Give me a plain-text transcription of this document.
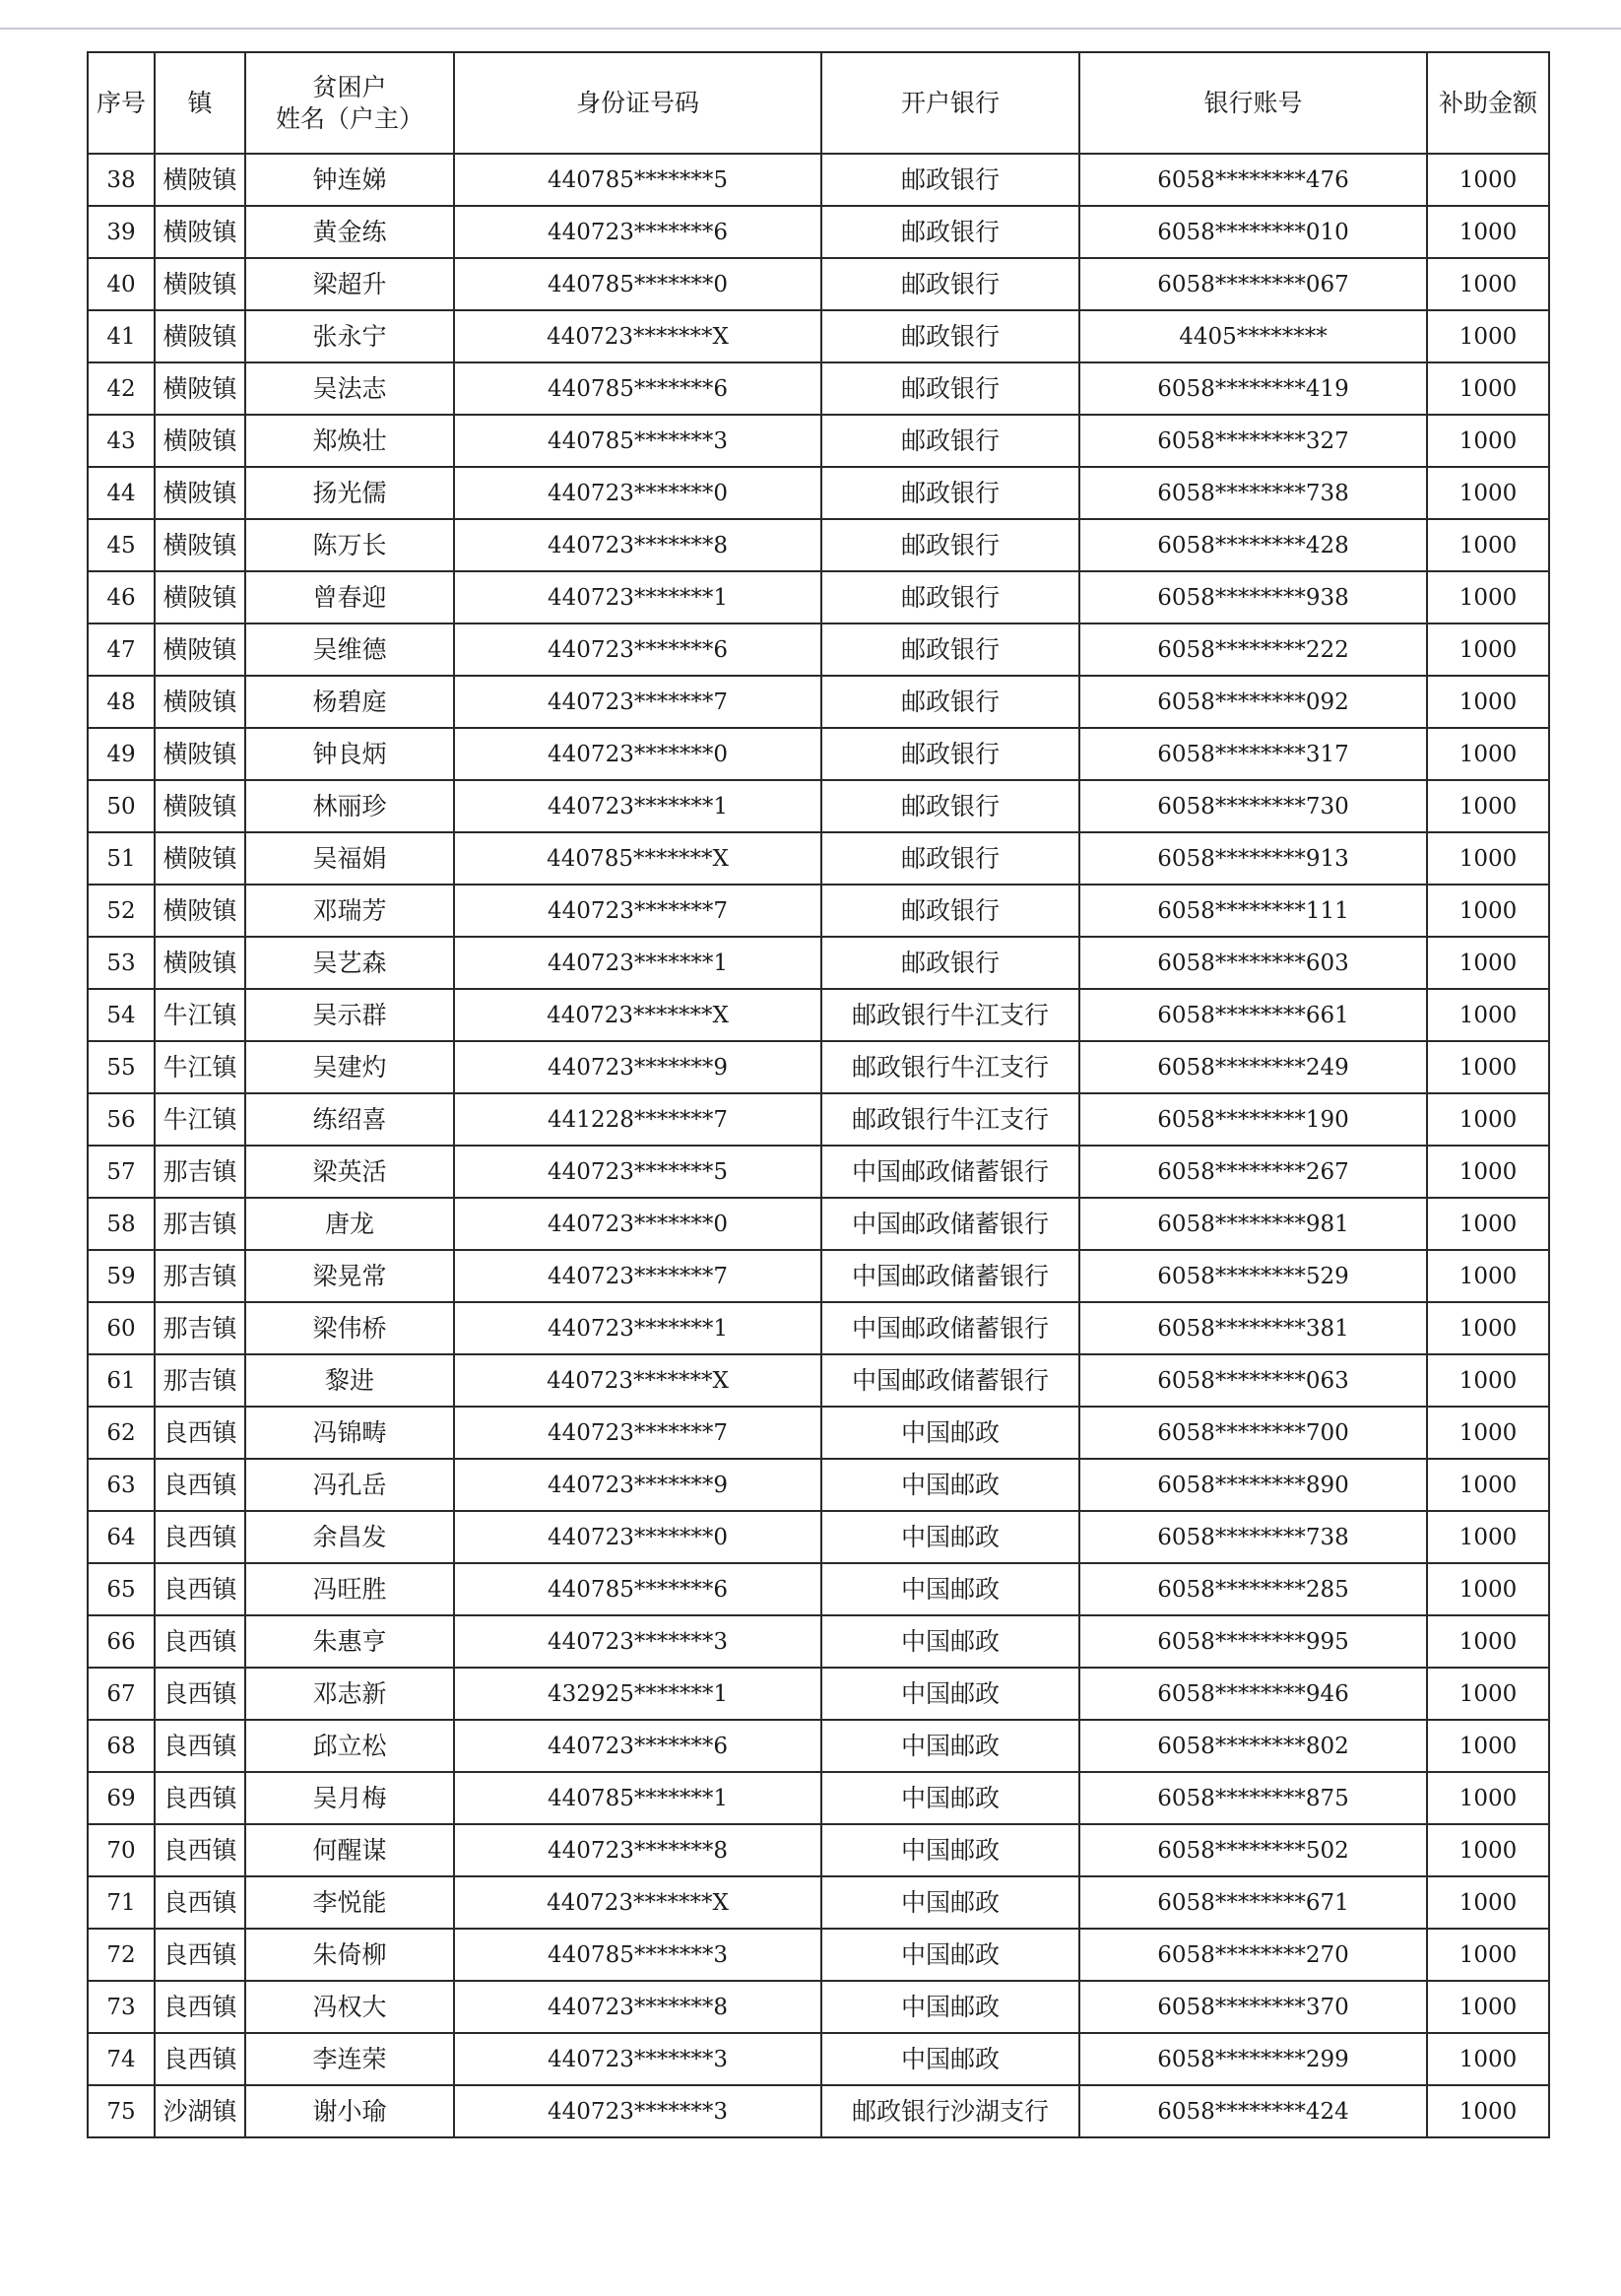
序号	镇	贫困户
姓名（户主）	身份证号码	开户银行	银行账号	补助金额
38	横陂镇	钟连娣	440785*******5	邮政银行	6058********476	1000
39	横陂镇	黄金练	440723*******6	邮政银行	6058********010	1000
40	横陂镇	梁超升	440785*******0	邮政银行	6058********067	1000
41	横陂镇	张永宁	440723*******X	邮政银行	4405********	1000
42	横陂镇	吴法志	440785*******6	邮政银行	6058********419	1000
43	横陂镇	郑焕壮	440785*******3	邮政银行	6058********327	1000
44	横陂镇	扬光儒	440723*******0	邮政银行	6058********738	1000
45	横陂镇	陈万长	440723*******8	邮政银行	6058********428	1000
46	横陂镇	曾春迎	440723*******1	邮政银行	6058********938	1000
47	横陂镇	吴维德	440723*******6	邮政银行	6058********222	1000
48	横陂镇	杨碧庭	440723*******7	邮政银行	6058********092	1000
49	横陂镇	钟良炳	440723*******0	邮政银行	6058********317	1000
50	横陂镇	林丽珍	440723*******1	邮政银行	6058********730	1000
51	横陂镇	吴福娟	440785*******X	邮政银行	6058********913	1000
52	横陂镇	邓瑞芳	440723*******7	邮政银行	6058********111	1000
53	横陂镇	吴艺森	440723*******1	邮政银行	6058********603	1000
54	牛江镇	吴示群	440723*******X	邮政银行牛江支行	6058********661	1000
55	牛江镇	吴建灼	440723*******9	邮政银行牛江支行	6058********249	1000
56	牛江镇	练绍喜	441228*******7	邮政银行牛江支行	6058********190	1000
57	那吉镇	梁英活	440723*******5	中国邮政储蓄银行	6058********267	1000
58	那吉镇	唐龙	440723*******0	中国邮政储蓄银行	6058********981	1000
59	那吉镇	梁晃常	440723*******7	中国邮政储蓄银行	6058********529	1000
60	那吉镇	梁伟桥	440723*******1	中国邮政储蓄银行	6058********381	1000
61	那吉镇	黎进	440723*******X	中国邮政储蓄银行	6058********063	1000
62	良西镇	冯锦畴	440723*******7	中国邮政	6058********700	1000
63	良西镇	冯孔岳	440723*******9	中国邮政	6058********890	1000
64	良西镇	余昌发	440723*******0	中国邮政	6058********738	1000
65	良西镇	冯旺胜	440785*******6	中国邮政	6058********285	1000
66	良西镇	朱惠亨	440723*******3	中国邮政	6058********995	1000
67	良西镇	邓志新	432925*******1	中国邮政	6058********946	1000
68	良西镇	邱立松	440723*******6	中国邮政	6058********802	1000
69	良西镇	吴月梅	440785*******1	中国邮政	6058********875	1000
70	良西镇	何醒谋	440723*******8	中国邮政	6058********502	1000
71	良西镇	李悦能	440723*******X	中国邮政	6058********671	1000
72	良西镇	朱倚柳	440785*******3	中国邮政	6058********270	1000
73	良西镇	冯权大	440723*******8	中国邮政	6058********370	1000
74	良西镇	李连荣	440723*******3	中国邮政	6058********299	1000
75	沙湖镇	谢小瑜	440723*******3	邮政银行沙湖支行	6058********424	1000
